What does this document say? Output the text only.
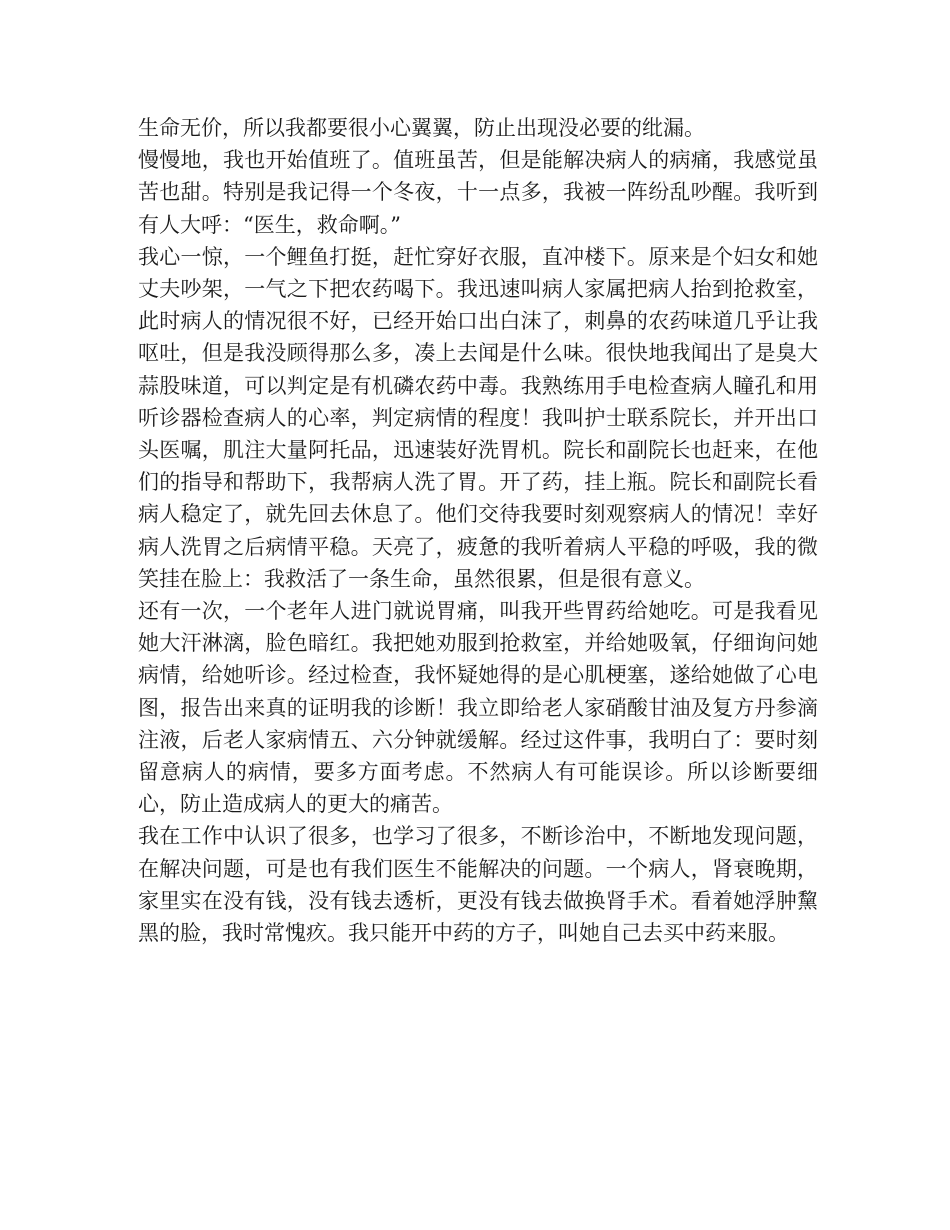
生命无价，所以我都要很小心翼翼，防止出现没必要的纰漏。

慢慢地，我也开始值班了。值班虽苦，但是能解决病人的病痛，我感觉虽苦也甜。特别是我记得一个冬夜，十一点多，我被一阵纷乱吵醒。我听到有人大呼：“医生，救命啊。”

我心一惊，一个鲤鱼打挺，赶忙穿好衣服，直冲楼下。原来是个妇女和她丈夫吵架，一气之下把农药喝下。我迅速叫病人家属把病人抬到抢救室，此时病人的情况很不好，已经开始口出白沫了，刺鼻的农药味道几乎让我呕吐，但是我没顾得那么多，凑上去闻是什么味。很快地我闻出了是臭大蒜股味道，可以判定是有机磷农药中毒。我熟练用手电检查病人瞳孔和用听诊器检查病人的心率，判定病情的程度！我叫护士联系院长，并开出口头医嘱，肌注大量阿托品，迅速装好洗胃机。院长和副院长也赶来，在他们的指导和帮助下，我帮病人洗了胃。开了药，挂上瓶。院长和副院长看病人稳定了，就先回去休息了。他们交待我要时刻观察病人的情况！幸好病人洗胃之后病情平稳。天亮了，疲惫的我听着病人平稳的呼吸，我的微笑挂在脸上：我救活了一条生命，虽然很累，但是很有意义。

还有一次，一个老年人进门就说胃痛，叫我开些胃药给她吃。可是我看见她大汗淋漓，脸色暗红。我把她劝服到抢救室，并给她吸氧，仔细询问她病情，给她听诊。经过检查，我怀疑她得的是心肌梗塞，遂给她做了心电图，报告出来真的证明我的诊断！我立即给老人家硝酸甘油及复方丹参滴注液，后老人家病情五、六分钟就缓解。经过这件事，我明白了：要时刻留意病人的病情，要多方面考虑。不然病人有可能误诊。所以诊断要细心，防止造成病人的更大的痛苦。

我在工作中认识了很多，也学习了很多，不断诊治中，不断地发现问题，在解决问题，可是也有我们医生不能解决的问题。一个病人，肾衰晚期，家里实在没有钱，没有钱去透析，更没有钱去做换肾手术。看着她浮肿黧黑的脸，我时常愧疚。我只能开中药的方子，叫她自己去买中药来服。
